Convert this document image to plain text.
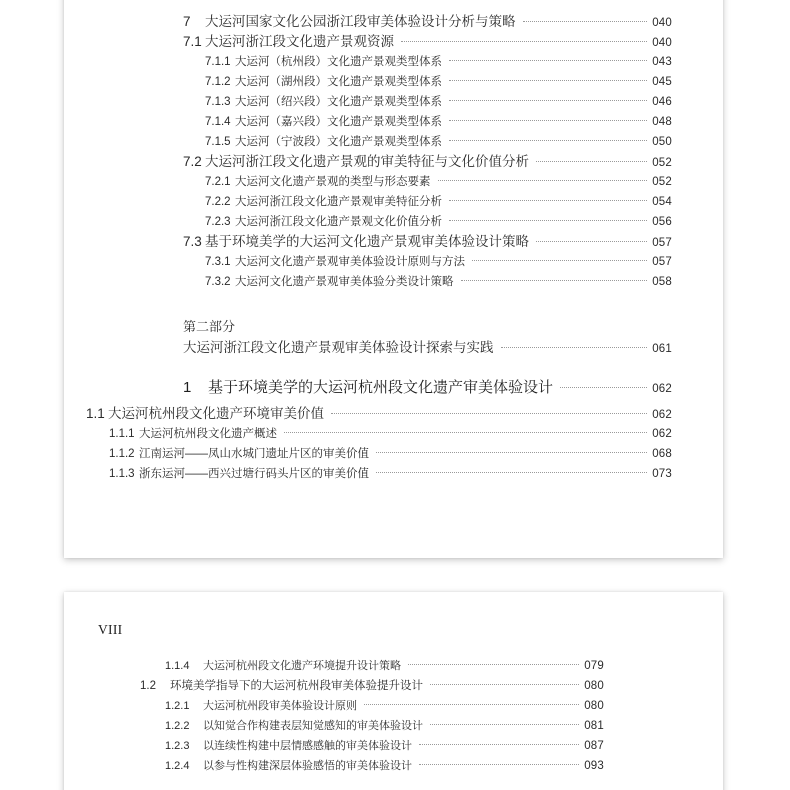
7	大运河国家文化公园浙江段审美体验设计分析与策略	040
7.1 大运河浙江段文化遗产景观资源	040
7.1.1 大运河（杭州段）文化遗产景观类型体系	043
7.1.2 大运河（湖州段）文化遗产景观类型体系	045
7.1.3 大运河（绍兴段）文化遗产景观类型体系	046
7.1.4 大运河（嘉兴段）文化遗产景观类型体系	048
7.1.5 大运河（宁波段）文化遗产景观类型体系	050
7.2 大运河浙江段文化遗产景观的审美特征与文化价值分析	052
7.2.1 大运河文化遗产景观的类型与形态要素	052
7.2.2 大运河浙江段文化遗产景观审美特征分析	054
7.2.3 大运河浙江段文化遗产景观文化价值分析	056
7.3 基于环境美学的大运河文化遗产景观审美体验设计策略	057
7.3.1 大运河文化遗产景观审美体验设计原则与方法	057
7.3.2 大运河文化遗产景观审美体验分类设计策略	058
第二部分
大运河浙江段文化遗产景观审美体验设计探索与实践	061
1	基于环境美学的大运河杭州段文化遗产审美体验设计	062
1.1 大运河杭州段文化遗产环境审美价值	062
1.1.1 大运河杭州段文化遗产概述	062
1.1.2 江南运河——凤山水城门遗址片区的审美价值	068
1.1.3 浙东运河——西兴过塘行码头片区的审美价值	073
VIII
1.1.4	大运河杭州段文化遗产环境提升设计策略	079
1.2	环境美学指导下的大运河杭州段审美体验提升设计	080
1.2.1	大运河杭州段审美体验设计原则	080
1.2.2	以知觉合作构建表层知觉感知的审美体验设计	081
1.2.3	以连续性构建中层情感感触的审美体验设计	087
1.2.4	以参与性构建深层体验感悟的审美体验设计	093
